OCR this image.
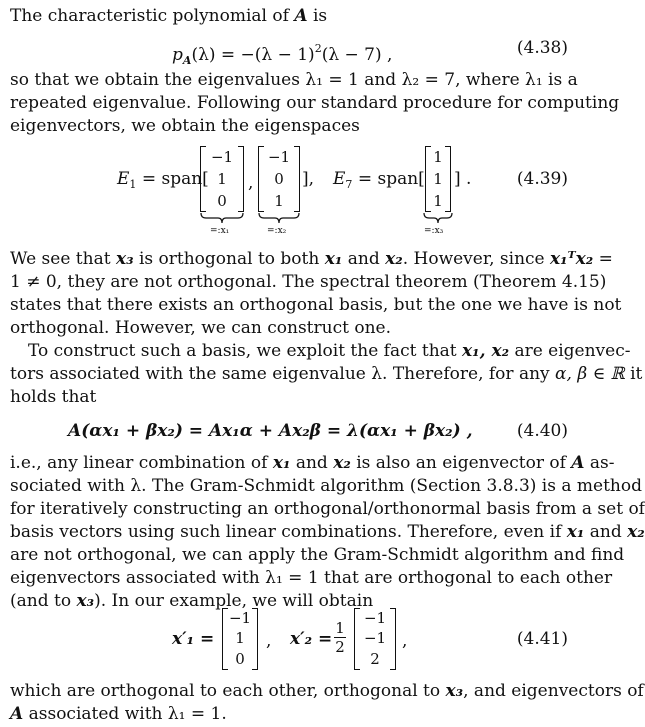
The characteristic polynomial of A is
$p_A(\lambda) = -(\lambda - 1)^2(\lambda - 7)$ ,	(4.38)
so that we obtain the eigenvalues λ₁ = 1 and λ₂ = 7, where λ₁ is a
repeated eigenvalue. Following our standard procedure for computing
eigenvectors, we obtain the eigenspaces
$E_1$ = span[
−1
1
0
,
−1
0
1
], $E_7$ = span[
1
1
1
] .
=:x₁	=:x₂	=:x₃
(4.39)
We see that x₃ is orthogonal to both x₁ and x₂. However, since x₁ᵀx₂ =
1 ≠ 0, they are not orthogonal. The spectral theorem (Theorem 4.15)
states that there exists an orthogonal basis, but the one we have is not
orthogonal. However, we can construct one.
To construct such a basis, we exploit the fact that x₁, x₂ are eigenvec-
tors associated with the same eigenvalue λ. Therefore, for any α, β ∈ ℝ it
holds that
A(αx₁ + βx₂) = Ax₁α + Ax₂β = λ(αx₁ + βx₂) ,	(4.40)
i.e., any linear combination of x₁ and x₂ is also an eigenvector of A as-
sociated with λ. The Gram-Schmidt algorithm (Section 3.8.3) is a method
for iteratively constructing an orthogonal/orthonormal basis from a set of
basis vectors using such linear combinations. Therefore, even if x₁ and x₂
are not orthogonal, we can apply the Gram-Schmidt algorithm and find
eigenvectors associated with λ₁ = 1 that are orthogonal to each other
(and to x₃). In our example, we will obtain
x′₁ =
−1
1
0
, x′₂ =
1
2
−1
−1
2
,	(4.41)
which are orthogonal to each other, orthogonal to x₃, and eigenvectors of
A associated with λ₁ = 1.
